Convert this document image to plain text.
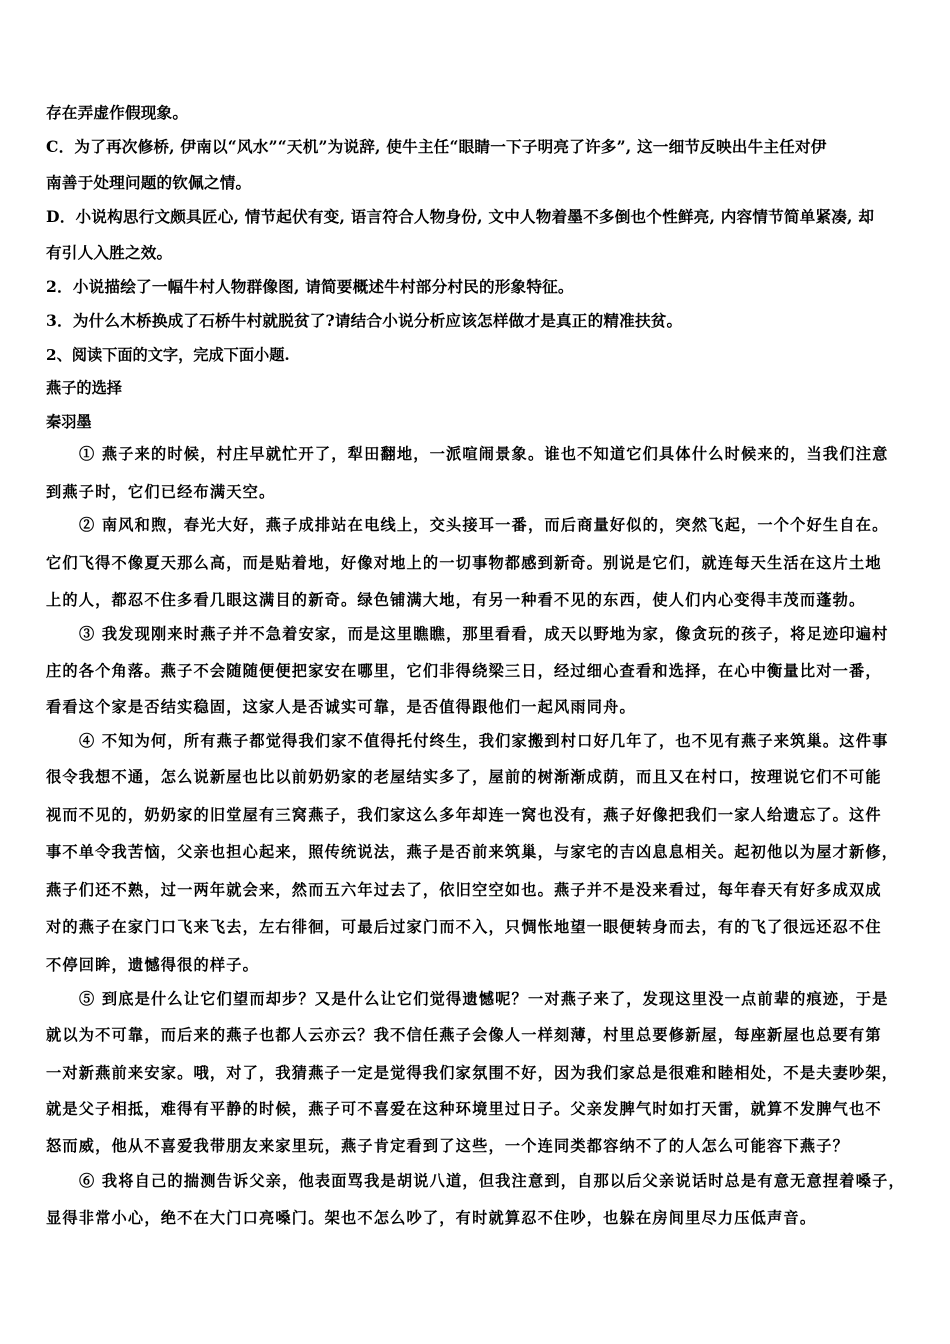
存在弄虚作假现象。
C．为了再次修桥, 伊南以“风水”“天机”为说辞, 使牛主任“眼睛一下子明亮了许多”, 这一细节反映出牛主任对伊
南善于处理问题的钦佩之情。
D．小说构思行文颇具匠心, 情节起伏有变, 语言符合人物身份, 文中人物着墨不多倒也个性鲜亮, 内容情节简单紧凑, 却
有引人入胜之效。
2．小说描绘了一幅牛村人物群像图, 请简要概述牛村部分村民的形象特征。
3．为什么木桥换成了石桥牛村就脱贫了?请结合小说分析应该怎样做才是真正的精准扶贫。
2、阅读下面的文字，完成下面小题.
燕子的选择
秦羽墨
① 燕子来的时候，村庄早就忙开了，犁田翻地，一派喧闹景象。谁也不知道它们具体什么时候来的，当我们注意
到燕子时，它们已经布满天空。
② 南风和煦，春光大好，燕子成排站在电线上，交头接耳一番，而后商量好似的，突然飞起，一个个好生自在。
它们飞得不像夏天那么高，而是贴着地，好像对地上的一切事物都感到新奇。别说是它们，就连每天生活在这片土地
上的人，都忍不住多看几眼这满目的新奇。绿色铺满大地，有另一种看不见的东西，使人们内心变得丰茂而蓬勃。
③ 我发现刚来时燕子并不急着安家，而是这里瞧瞧，那里看看，成天以野地为家，像贪玩的孩子，将足迹印遍村
庄的各个角落。燕子不会随随便便把家安在哪里，它们非得绕梁三日，经过细心查看和选择，在心中衡量比对一番，
看看这个家是否结实稳固，这家人是否诚实可靠，是否值得跟他们一起风雨同舟。
④ 不知为何，所有燕子都觉得我们家不值得托付终生，我们家搬到村口好几年了，也不见有燕子来筑巢。这件事
很令我想不通，怎么说新屋也比以前奶奶家的老屋结实多了，屋前的树渐渐成荫，而且又在村口，按理说它们不可能
视而不见的，奶奶家的旧堂屋有三窝燕子，我们家这么多年却连一窝也没有，燕子好像把我们一家人给遗忘了。这件
事不单令我苦恼，父亲也担心起来，照传统说法，燕子是否前来筑巢，与家宅的吉凶息息相关。起初他以为屋才新修，
燕子们还不熟，过一两年就会来，然而五六年过去了，依旧空空如也。燕子并不是没来看过，每年春天有好多成双成
对的燕子在家门口飞来飞去，左右徘徊，可最后过家门而不入，只惆怅地望一眼便转身而去，有的飞了很远还忍不住
不停回眸，遗憾得很的样子。
⑤ 到底是什么让它们望而却步？又是什么让它们觉得遗憾呢？一对燕子来了，发现这里没一点前辈的痕迹，于是
就以为不可靠，而后来的燕子也都人云亦云？我不信任燕子会像人一样刻薄，村里总要修新屋，每座新屋也总要有第
一对新燕前来安家。哦，对了，我猜燕子一定是觉得我们家氛围不好，因为我们家总是很难和睦相处，不是夫妻吵架，
就是父子相抵，难得有平静的时候，燕子可不喜爱在这种环境里过日子。父亲发脾气时如打天雷，就算不发脾气也不
怒而威，他从不喜爱我带朋友来家里玩，燕子肯定看到了这些，一个连同类都容纳不了的人怎么可能容下燕子？
⑥ 我将自己的揣测告诉父亲，他表面骂我是胡说八道，但我注意到，自那以后父亲说话时总是有意无意捏着嗓子，
显得非常小心，绝不在大门口亮嗓门。架也不怎么吵了，有时就算忍不住吵，也躲在房间里尽力压低声音。
